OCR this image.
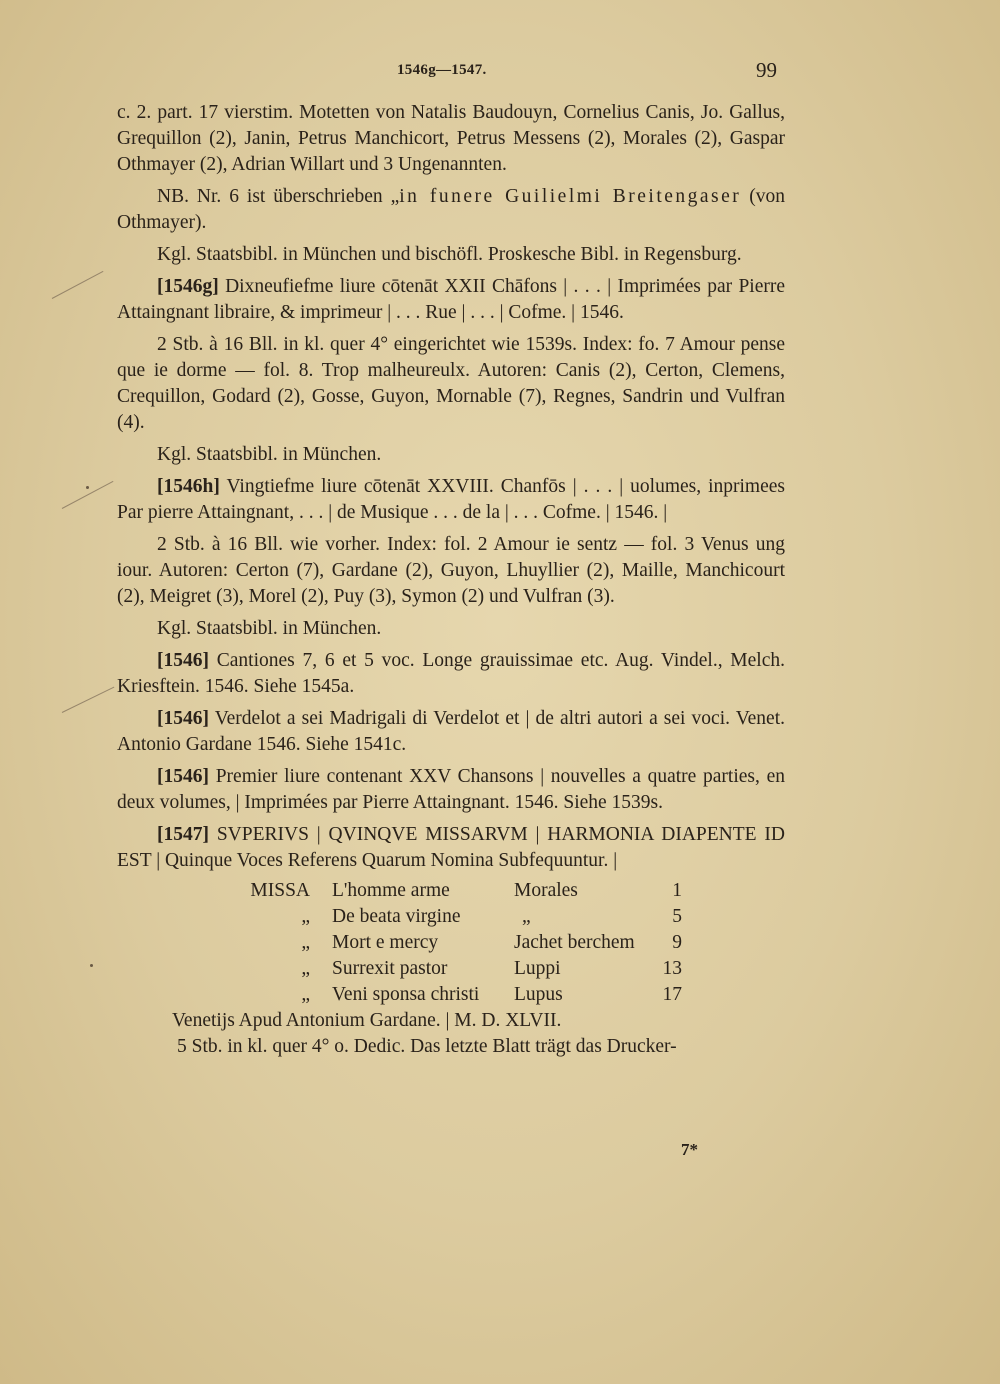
1546g—1547.	99

c. 2. part. 17 vierstim. Motetten von Natalis Baudouyn, Cornelius Canis, Jo. Gallus, Grequillon (2), Janin, Petrus Manchicort, Petrus Messens (2), Morales (2), Gaspar Othmayer (2), Adrian Willart und 3 Ungenannten.

NB. Nr. 6 ist überschrieben „in funere Guilielmi Breitengaser (von Othmayer).

Kgl. Staatsbibl. in München und bischöfl. Proskesche Bibl. in Regensburg.

[1546g] Dixneufiefme liure cōtenāt XXII Chāfons | . . . | Imprimées par Pierre Attaingnant libraire, & imprimeur | . . . Rue | . . . | Cofme. | 1546.

2 Stb. à 16 Bll. in kl. quer 4° eingerichtet wie 1539s. Index: fo. 7 Amour pense que ie dorme — fol. 8. Trop malheureulx. Autoren: Canis (2), Certon, Clemens, Crequillon, Godard (2), Gosse, Guyon, Mornable (7), Regnes, Sandrin und Vulfran (4).

Kgl. Staatsbibl. in München.

[1546h] Vingtiefme liure cōtenāt XXVIII. Chanfōs | . . . | uolumes, inprimees Par pierre Attaingnant, . . . | de Musique . . . de la | . . . Cofme. | 1546. |

2 Stb. à 16 Bll. wie vorher. Index: fol. 2 Amour ie sentz — fol. 3 Venus ung iour. Autoren: Certon (7), Gardane (2), Guyon, Lhuyllier (2), Maille, Manchicourt (2), Meigret (3), Morel (2), Puy (3), Symon (2) und Vulfran (3).

Kgl. Staatsbibl. in München.

[1546] Cantiones 7, 6 et 5 voc. Longe grauissimae etc. Aug. Vindel., Melch. Kriesftein. 1546. Siehe 1545a.

[1546] Verdelot a sei Madrigali di Verdelot et | de altri autori a sei voci. Venet. Antonio Gardane 1546. Siehe 1541c.

[1546] Premier liure contenant XXV Chansons | nouvelles a quatre parties, en deux volumes, | Imprimées par Pierre Attaingnant. 1546. Siehe 1539s.

[1547] SVPERIVS | QVINQVE MISSARVM | HARMONIA DIAPENTE ID EST | Quinque Voces Referens Quarum Nomina Subfequuntur. |

MISSA	L'homme arme	Morales	1
„	De beata virgine	„	5
„	Mort e mercy	Jachet berchem	9
„	Surrexit pastor	Luppi	13
„	Veni sponsa christi	Lupus	17

Venetijs Apud Antonium Gardane. | M. D. XLVII.

5 Stb. in kl. quer 4° o. Dedic. Das letzte Blatt trägt das Drucker-

7*
